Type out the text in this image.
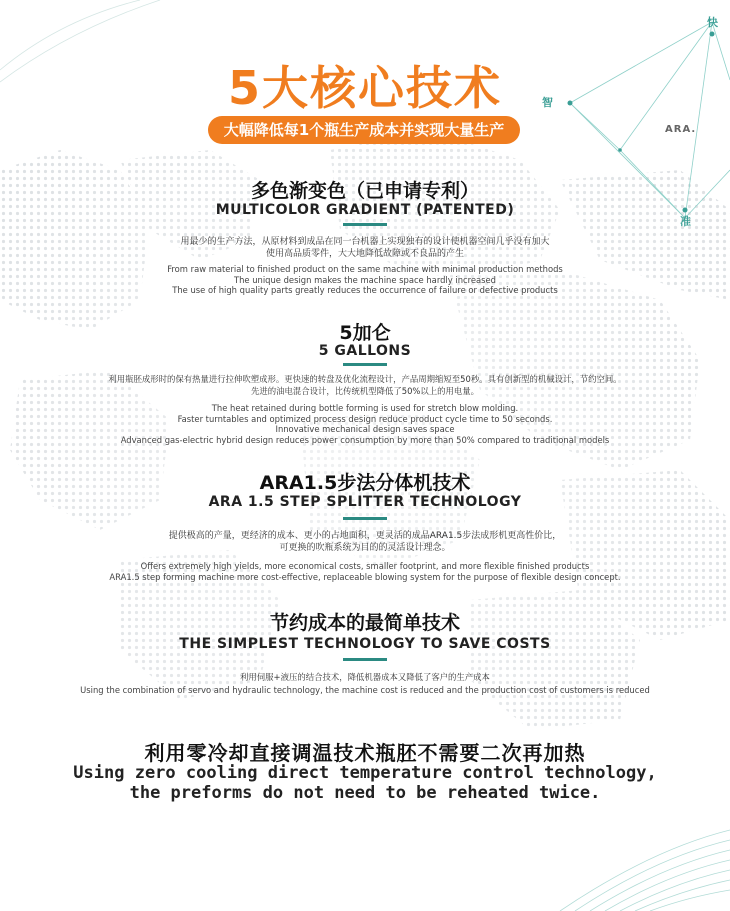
快
智
准
ARA.
5大核心技术
大幅降低每1个瓶生产成本并实现大量生产
多色渐变色（已申请专利）
MULTICOLOR GRADIENT (PATENTED)
用最少的生产方法，从原材料到成品在同一台机器上实现独有的设计使机器空间几乎没有加大
使用高品质零件，大大地降低故障或不良品的产生
From raw material to finished product on the same machine with minimal production methods
The unique design makes the machine space hardly increased
The use of high quality parts greatly reduces the occurrence of failure or defective products
5加仑
5 GALLONS
利用瓶胚成形时的保有热量进行拉伸吹塑成形。更快速的转盘及优化流程设计，产品周期缩短至50秒。具有创新型的机械设计，节约空间。
先进的油电混合设计，比传统机型降低了50%以上的用电量。
The heat retained during bottle forming is used for stretch blow molding.
Faster turntables and optimized process design reduce product cycle time to 50 seconds.
Innovative mechanical design saves space
Advanced gas-electric hybrid design reduces power consumption by more than 50% compared to traditional models
ARA1.5步法分体机技术
ARA 1.5 STEP SPLITTER TECHNOLOGY
提供极高的产量，更经济的成本、更小的占地面积，更灵活的成品ARA1.5步法成形机更高性价比，
可更换的吹瓶系统为目的的灵活设计理念。
Offers extremely high yields, more economical costs, smaller footprint, and more flexible finished products
ARA1.5 step forming machine more cost-effective, replaceable blowing system for the purpose of flexible design concept.
节约成本的最简单技术
THE SIMPLEST TECHNOLOGY TO SAVE COSTS
利用伺服+液压的结合技术，降低机器成本又降低了客户的生产成本
Using the combination of servo and hydraulic technology, the machine cost is reduced and the production cost of customers is reduced
利用零冷却直接调温技术瓶胚不需要二次再加热
Using zero cooling direct temperature control technology,
the preforms do not need to be reheated twice.
